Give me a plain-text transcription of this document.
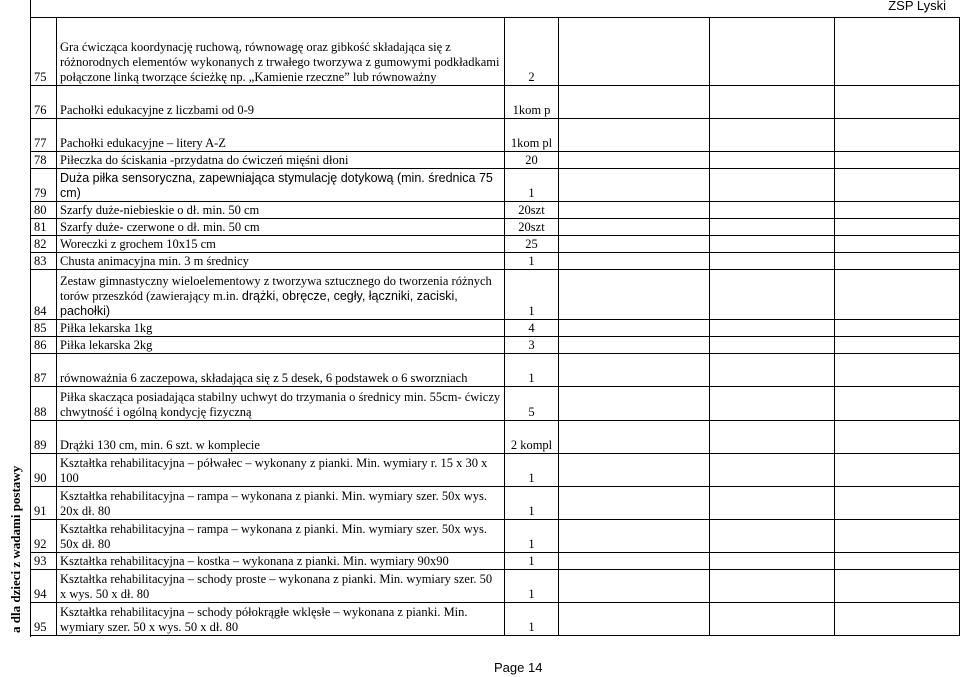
ZSP Lyski
a dla dzieci z wadami postawy
75	Gra ćwicząca koordynację ruchową, równowagę oraz gibkość składająca się z różnorodnych elementów wykonanych z trwałego tworzywa z gumowymi podkładkami połączone linką tworzące ścieżkę np. „Kamienie rzeczne” lub równoważny	2			
76	Pachołki edukacyjne z liczbami od 0-9	1kom p			
77	Pachołki edukacyjne – litery A-Z	1kom pl			
78	Piłeczka do ściskania -przydatna do ćwiczeń mięśni dłoni	20			
79	Duża piłka sensoryczna, zapewniająca stymulację dotykową (min. średnica 75 cm)	1			
80	Szarfy duże-niebieskie o dł. min. 50 cm	20szt			
81	Szarfy duże- czerwone o dł. min. 50 cm	20szt			
82	Woreczki z grochem 10x15 cm	25			
83	Chusta animacyjna min. 3 m średnicy	1			
84	Zestaw gimnastyczny wieloelementowy z tworzywa sztucznego do tworzenia różnych torów przeszkód (zawierający m.in. drążki, obręcze, cegły, łączniki, zaciski, pachołki)	1			
85	Piłka lekarska 1kg	4			
86	Piłka lekarska 2kg	3			
87	równoważnia 6 zaczepowa, składająca się z 5 desek, 6 podstawek o 6 sworzniach	1			
88	Piłka skacząca posiadająca stabilny uchwyt do trzymania o średnicy min. 55cm- ćwiczy chwytność i ogólną kondycję fizyczną	5			
89	Drążki 130 cm, min. 6 szt. w komplecie	2 kompl			
90	Kształtka rehabilitacyjna – półwałec – wykonany z pianki. Min. wymiary r. 15 x 30 x 100	1			
91	Kształtka rehabilitacyjna – rampa – wykonana z pianki. Min. wymiary szer. 50x wys. 20x dł. 80	1			
92	Kształtka rehabilitacyjna – rampa – wykonana z pianki. Min. wymiary szer. 50x wys. 50x dł. 80	1			
93	Kształtka rehabilitacyjna – kostka – wykonana z pianki. Min. wymiary 90x90	1			
94	Kształtka rehabilitacyjna – schody proste – wykonana z pianki. Min. wymiary szer. 50 x wys. 50 x dł. 80	1			
95	Kształtka rehabilitacyjna – schody półokrągłe wklęsłe – wykonana z pianki. Min. wymiary szer. 50 x wys. 50 x dł. 80	1			
Page 14
